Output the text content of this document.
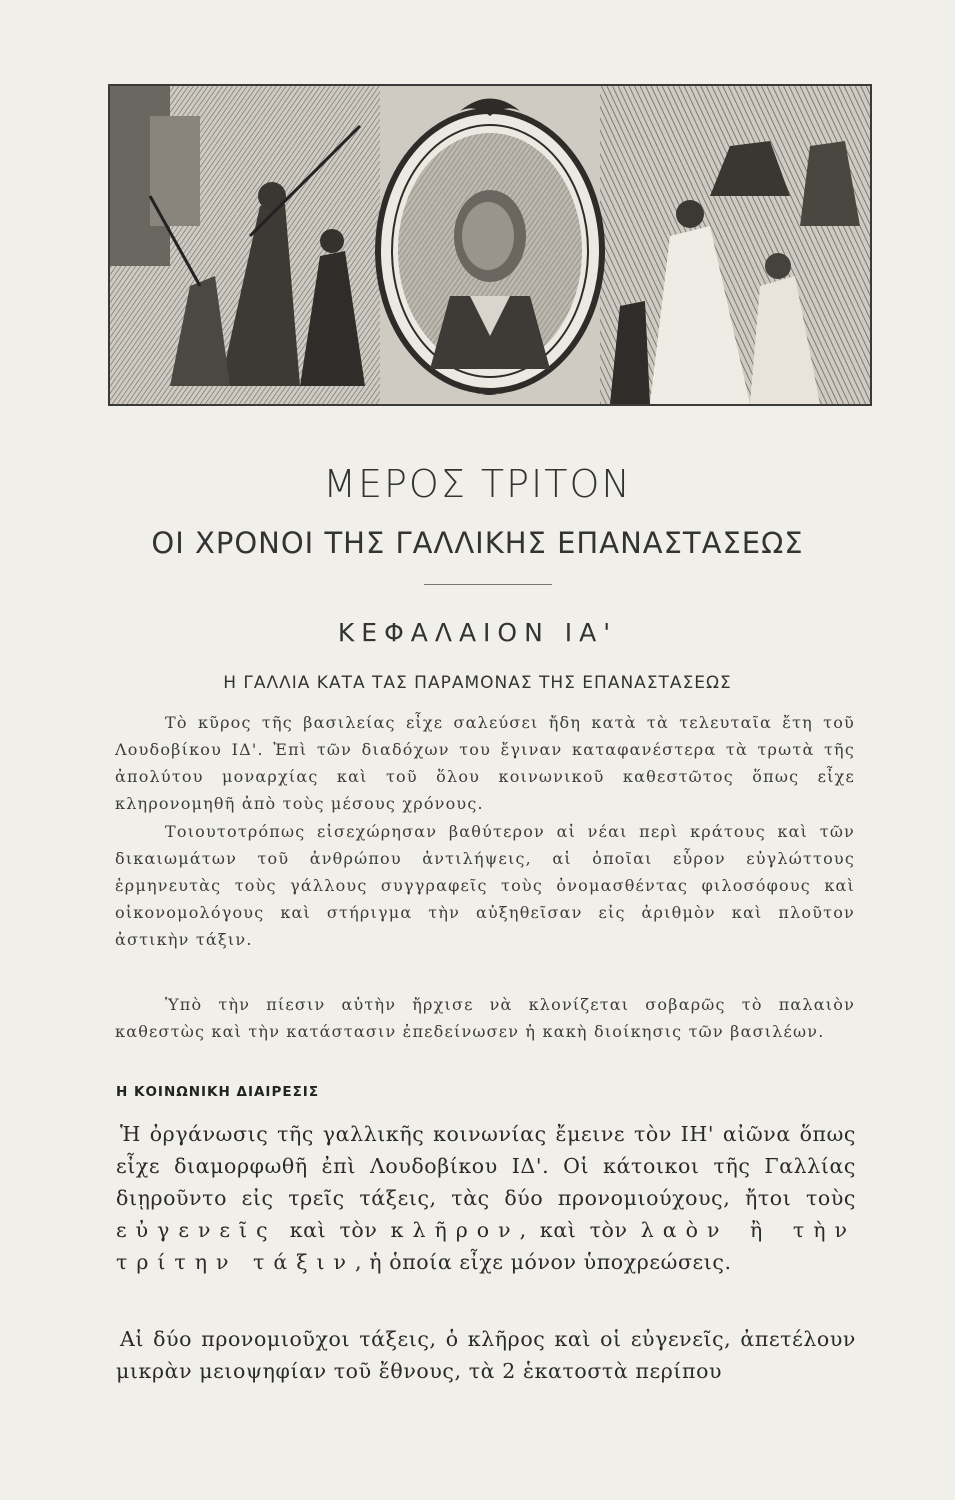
ΜΕΡΟΣ ΤΡΙΤΟΝ
ΟΙ ΧΡΟΝΟΙ ΤΗΣ ΓΑΛΛΙΚΗΣ ΕΠΑΝΑΣΤΑΣΕΩΣ
ΚΕΦΑΛΑΙΟΝ ΙΑ'
Η ΓΑΛΛΙΑ ΚΑΤΑ ΤΑΣ ΠΑΡΑΜΟΝΑΣ ΤΗΣ ΕΠΑΝΑΣΤΑΣΕΩΣ

Τὸ κῦρος τῆς βασιλείας εἶχε σαλεύσει ἤδη κατὰ τὰ τελευταῖα ἔτη τοῦ Λουδοβίκου ΙΔ'. Ἐπὶ τῶν διαδόχων του ἔγιναν καταφανέστερα τὰ τρωτὰ τῆς ἀπολύτου μοναρχίας καὶ τοῦ ὅλου κοινωνικοῦ καθεστῶτος ὅπως εἶχε κληρονομηθῆ ἀπὸ τοὺς μέσους χρόνους.

Τοιουτοτρόπως εἰσεχώρησαν βαθύτερον αἱ νέαι περὶ κράτους καὶ τῶν δικαιωμάτων τοῦ ἀνθρώπου ἀντιλήψεις, αἱ ὁποῖαι εὗρον εὐγλώττους ἑρμηνευτὰς τοὺς γάλλους συγγραφεῖς τοὺς ὀνομασθέντας φιλοσόφους καὶ οἰκονομολόγους καὶ στήριγμα τὴν αὐξηθεῖσαν εἰς ἀριθμὸν καὶ πλοῦτον ἀστικὴν τάξιν.

Ὑπὸ τὴν πίεσιν αὐτὴν ἤρχισε νὰ κλονίζεται σοβαρῶς τὸ παλαιὸν καθεστὼς καὶ τὴν κατάστασιν ἐπεδείνωσεν ἡ κακὴ διοίκησις τῶν βασιλέων.

Η ΚΟΙΝΩΝΙΚΗ ΔΙΑΙΡΕΣΙΣ

Ἡ ὀργάνωσις τῆς γαλλικῆς κοινωνίας ἔμεινε τὸν ΙΗ' αἰῶνα ὅπως εἶχε διαμορφωθῆ ἐπὶ Λουδοβίκου ΙΔ'. Οἱ κάτοικοι τῆς Γαλλίας διῃροῦντο εἰς τρεῖς τάξεις, τὰς δύο προνομιούχους, ἤτοι τοὺς εὐγενεῖς καὶ τὸν κλῆρον, καὶ τὸν λαὸν ἢ τὴν τρίτην τάξιν, ἡ ὁποία εἶχε μόνον ὑποχρεώσεις.

Αἱ δύο προνομιοῦχοι τάξεις, ὁ κλῆρος καὶ οἱ εὐγενεῖς, ἀπετέλουν μικρὰν μειοψηφίαν τοῦ ἔθνους, τὰ 2 ἑκατοστὰ περίπου
